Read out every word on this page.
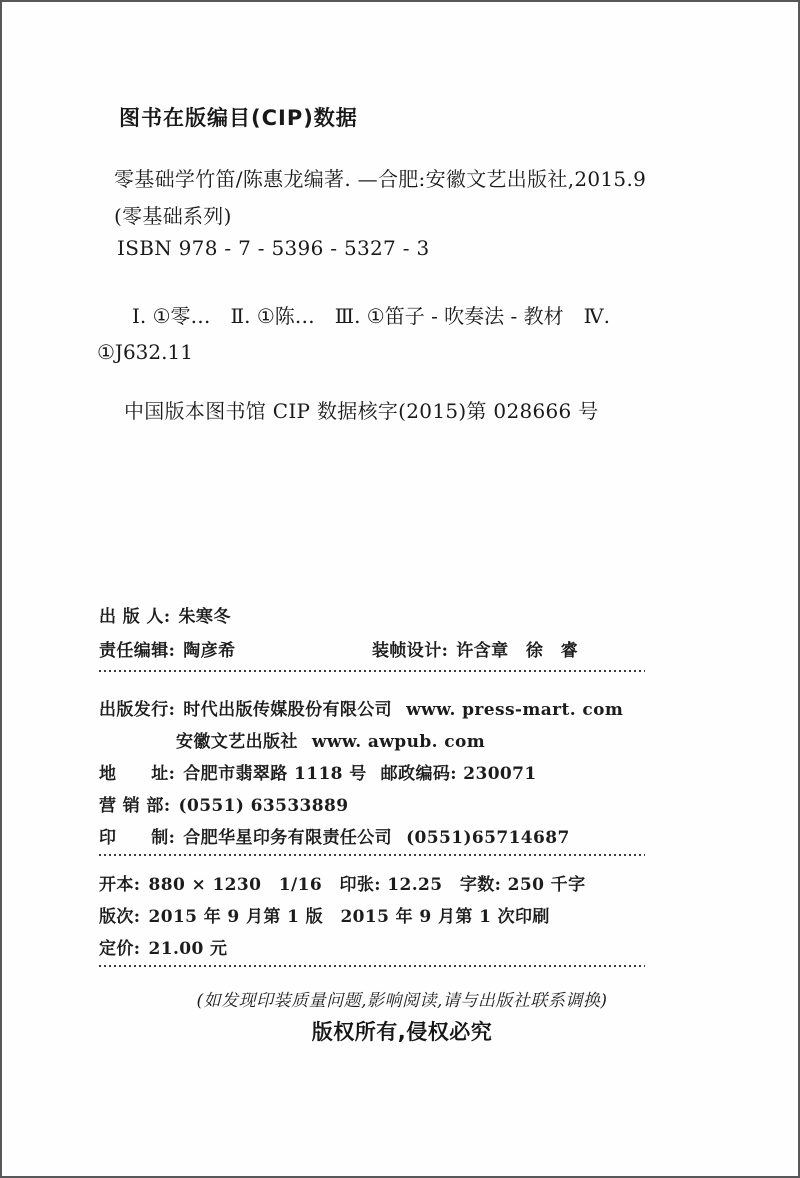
图书在版编目(CIP)数据
零基础学竹笛/陈惠龙编著. —合肥:安徽文艺出版社,2015.9
(零基础系列)
ISBN 978 - 7 - 5396 - 5327 - 3
Ⅰ. ①零…　Ⅱ. ①陈…　Ⅲ. ①笛子 - 吹奏法 - 教材　Ⅳ.
①J632.11
中国版本图书馆 CIP 数据核字(2015)第 028666 号
出 版 人: 朱寒冬
责任编辑: 陶彦希	装帧设计: 许含章　徐　睿
出版发行: 时代出版传媒股份有限公司 www. press-mart. com
安徽文艺出版社 www. awpub. com
地　　址: 合肥市翡翠路 1118 号 邮政编码: 230071
营 销 部: (0551) 63533889
印　　制: 合肥华星印务有限责任公司 (0551)65714687
开本: 880 × 1230　1/16　印张: 12.25　字数: 250 千字
版次: 2015 年 9 月第 1 版　2015 年 9 月第 1 次印刷
定价: 21.00 元
(如发现印装质量问题,影响阅读,请与出版社联系调换)
版权所有,侵权必究
